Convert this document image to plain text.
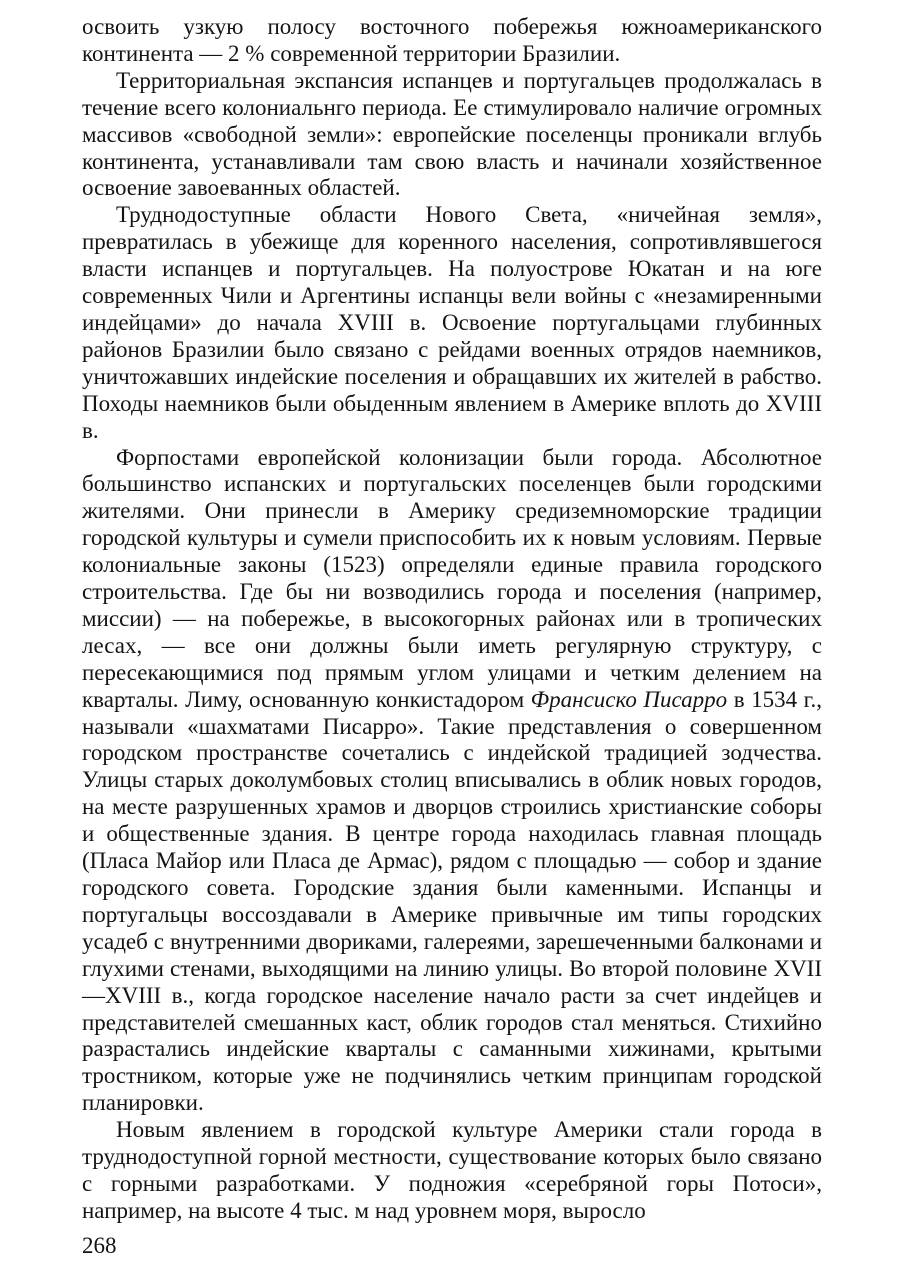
освоить узкую полосу восточного побережья южноамериканского континента — 2 % современной территории Бразилии.

Территориальная экспансия испанцев и португальцев продолжалась в течение всего колониальнго периода. Ее стимулировало наличие огромных массивов «свободной земли»: европейские поселенцы проникали вглубь континента, устанавливали там свою власть и начинали хозяйственное освоение завоеванных областей.

Труднодоступные области Нового Света, «ничейная земля», превратилась в убежище для коренного населения, сопротивлявшегося власти испанцев и португальцев. На полуострове Юкатан и на юге современных Чили и Аргентины испанцы вели войны с «незамиренными индейцами» до начала XVIII в. Освоение португальцами глубинных районов Бразилии было связано с рейдами военных отрядов наемников, уничтожавших индейские поселения и обращавших их жителей в рабство. Походы наемников были обыденным явлением в Америке вплоть до XVIII в.

Форпостами европейской колонизации были города. Абсолютное большинство испанских и португальских поселенцев были городскими жителями. Они принесли в Америку средиземноморские традиции городской культуры и сумели приспособить их к новым условиям. Первые колониальные законы (1523) определяли единые правила городского строительства. Где бы ни возводились города и поселения (например, миссии) — на побережье, в высокогорных районах или в тропических лесах, — все они должны были иметь регулярную структуру, с пересекающимися под прямым углом улицами и четким делением на кварталы. Лиму, основанную конкистадором Франсиско Писарро в 1534 г., называли «шахматами Писарро». Такие представления о совершенном городском пространстве сочетались с индейской традицией зодчества. Улицы старых доколумбовых столиц вписывались в облик новых городов, на месте разрушенных храмов и дворцов строились христианские соборы и общественные здания. В центре города находилась главная площадь (Пласа Майор или Пласа де Армас), рядом с площадью — собор и здание городского совета. Городские здания были каменными. Испанцы и португальцы воссоздавали в Америке привычные им типы городских усадеб с внутренними двориками, галереями, зарешеченными балконами и глухими стенами, выходящими на линию улицы. Во второй половине XVII—XVIII в., когда городское население начало расти за счет индейцев и представителей смешанных каст, облик городов стал меняться. Стихийно разрастались индейские кварталы с саманными хижинами, крытыми тростником, которые уже не подчинялись четким принципам городской планировки.

Новым явлением в городской культуре Америки стали города в труднодоступной горной местности, существование которых было связано с горными разработками. У подножия «серебряной горы Потоси», например, на высоте 4 тыс. м над уровнем моря, выросло

268
